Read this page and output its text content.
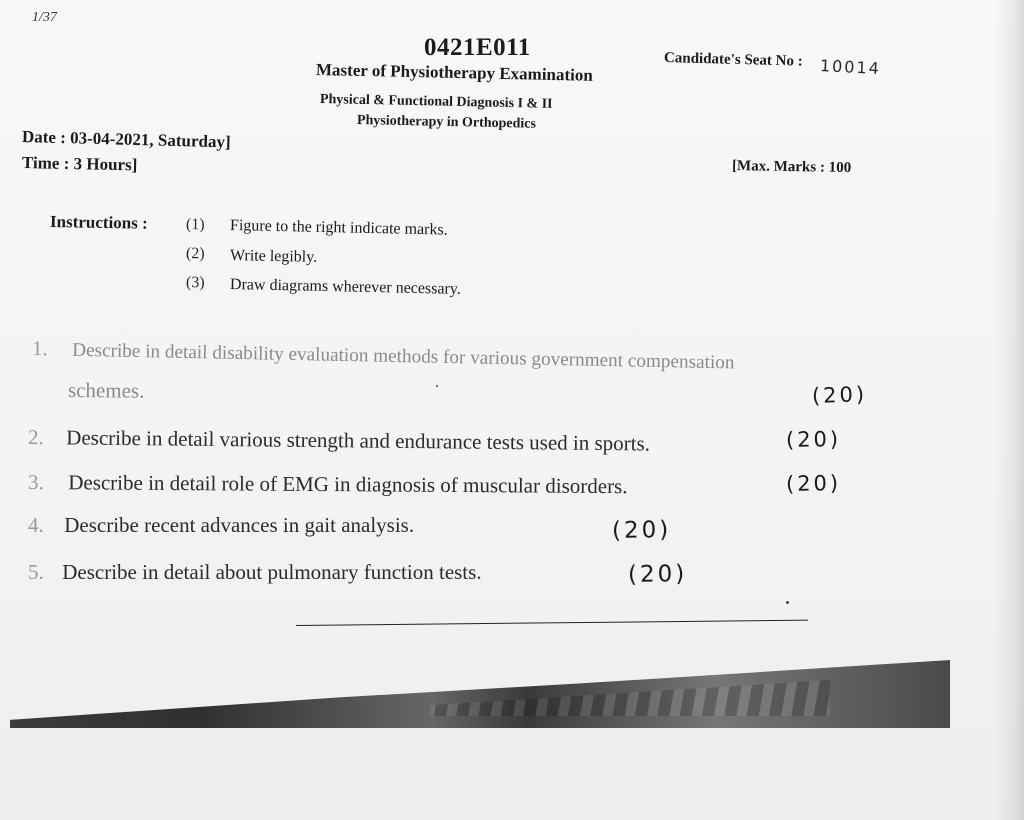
1/37
0421E011
Master of Physiotherapy Examination
Physical & Functional Diagnosis I & II
Physiotherapy in Orthopedics
Candidate's Seat No : 10014
Date : 03-04-2021, Saturday]
Time : 3 Hours]	[Max. Marks : 100
Instructions : (1) Figure to the right indicate marks.
(2) Write legibly.
(3) Draw diagrams wherever necessary.
1. Describe in detail disability evaluation methods for various government compensation
schemes.	(20)
2. Describe in detail various strength and endurance tests used in sports.	(20)
3. Describe in detail role of EMG in diagnosis of muscular disorders.	(20)
4. Describe recent advances in gait analysis.	(20)
5. Describe in detail about pulmonary function tests.	(20)
